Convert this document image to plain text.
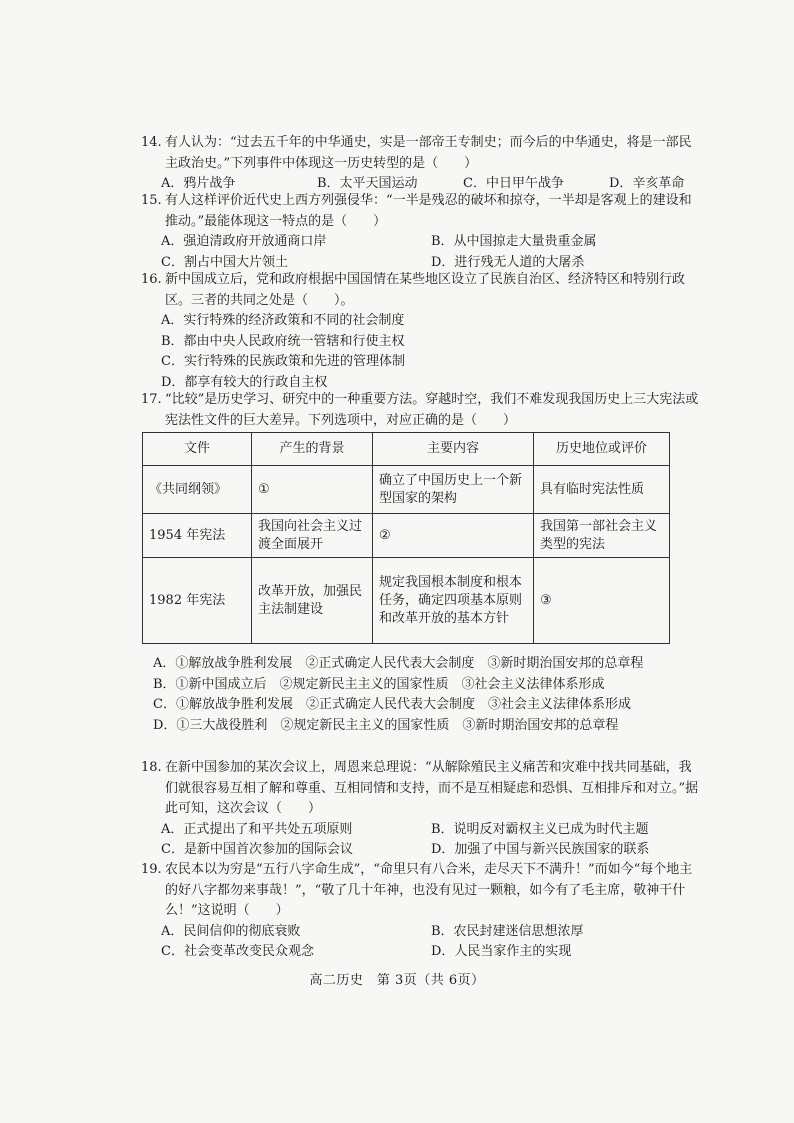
14. 有人认为：“过去五千年的中华通史，实是一部帝王专制史；而今后的中华通史，将是一部民主政治史。”下列事件中体现这一历史转型的是（　　）
A．鸦片战争	B．太平天国运动	C．中日甲午战争	D．辛亥革命
15. 有人这样评价近代史上西方列强侵华：“一半是残忍的破坏和掠夺，一半却是客观上的建设和推动。”最能体现这一特点的是（　　）
A．强迫清政府开放通商口岸	B．从中国掠走大量贵重金属
C．割占中国大片领土	D．进行残无人道的大屠杀
16. 新中国成立后，党和政府根据中国国情在某些地区设立了民族自治区、经济特区和特别行政区。三者的共同之处是（　　）。
A．实行特殊的经济政策和不同的社会制度
B．都由中央人民政府统一管辖和行使主权
C．实行特殊的民族政策和先进的管理体制
D．都享有较大的行政自主权
17. “比较”是历史学习、研究中的一种重要方法。穿越时空，我们不难发现我国历史上三大宪法或宪法性文件的巨大差异。下列选项中，对应正确的是（　　）
文件	产生的背景	主要内容	历史地位或评价
《共同纲领》	①	确立了中国历史上一个新型国家的架构	具有临时宪法性质
1954 年宪法	我国向社会主义过渡全面展开	②	我国第一部社会主义类型的宪法
1982 年宪法	改革开放，加强民主法制建设	规定我国根本制度和根本任务，确定四项基本原则和改革开放的基本方针	③
A．①解放战争胜利发展　②正式确定人民代表大会制度　③新时期治国安邦的总章程
B．①新中国成立后　②规定新民主主义的国家性质　③社会主义法律体系形成
C．①解放战争胜利发展　②正式确定人民代表大会制度　③社会主义法律体系形成
D．①三大战役胜利　②规定新民主主义的国家性质　③新时期治国安邦的总章程
18. 在新中国参加的某次会议上，周恩来总理说：“从解除殖民主义痛苦和灾难中找共同基础，我们就很容易互相了解和尊重、互相同情和支持，而不是互相疑虑和恐惧、互相排斥和对立。”据此可知，这次会议（　　）
A．正式提出了和平共处五项原则	B．说明反对霸权主义已成为时代主题
C．是新中国首次参加的国际会议	D．加强了中国与新兴民族国家的联系
19. 农民本以为穷是“五行八字命生成”，“命里只有八合米，走尽天下不满升！”而如今“每个地主的好八字都勿来事哉！”，“敬了几十年神，也没有见过一颗粮，如今有了毛主席，敬神干什么！”这说明（　　）
A．民间信仰的彻底衰败	B．农民封建迷信思想浓厚
C．社会变革改变民众观念	D．人民当家作主的实现
高二历史　第 3页（共 6页）
